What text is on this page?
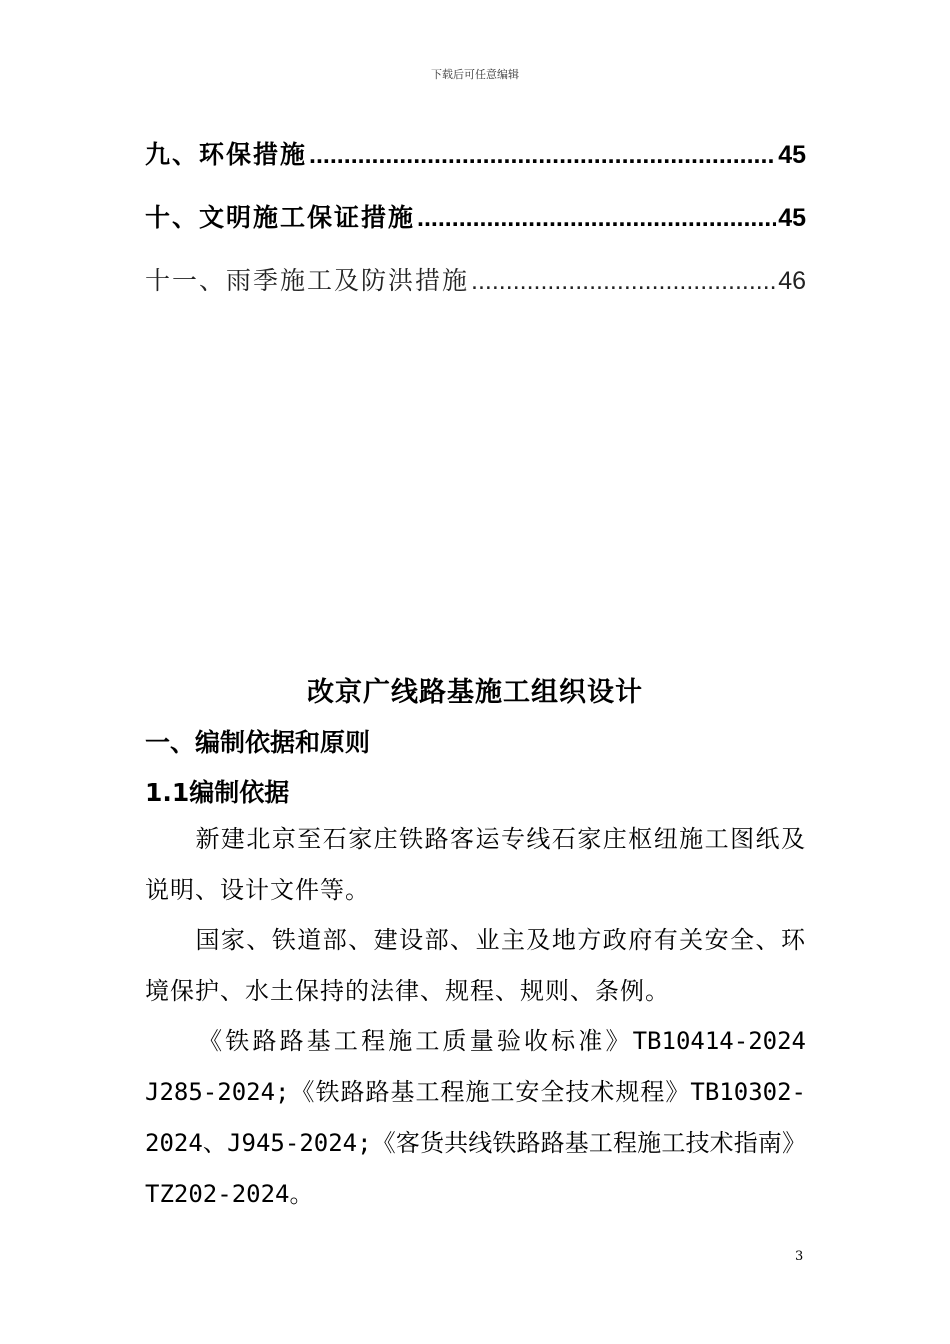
下载后可任意编辑
九、环保措施 .....	45
十、文明施工保证措施 .....	45
十一、雨季施工及防洪措施 .....	46
改京广线路基施工组织设计
一、编制依据和原则
1.1编制依据
新建北京至石家庄铁路客运专线石家庄枢纽施工图纸及说明、设计文件等。
国家、铁道部、建设部、业主及地方政府有关安全、环境保护、水土保持的法律、规程、规则、条例。
《铁路路基工程施工质量验收标准》TB10414-2024 J285-2024;《铁路路基工程施工安全技术规程》TB10302-2024、J945-2024;《客货共线铁路路基工程施工技术指南》TZ202-2024。
3
